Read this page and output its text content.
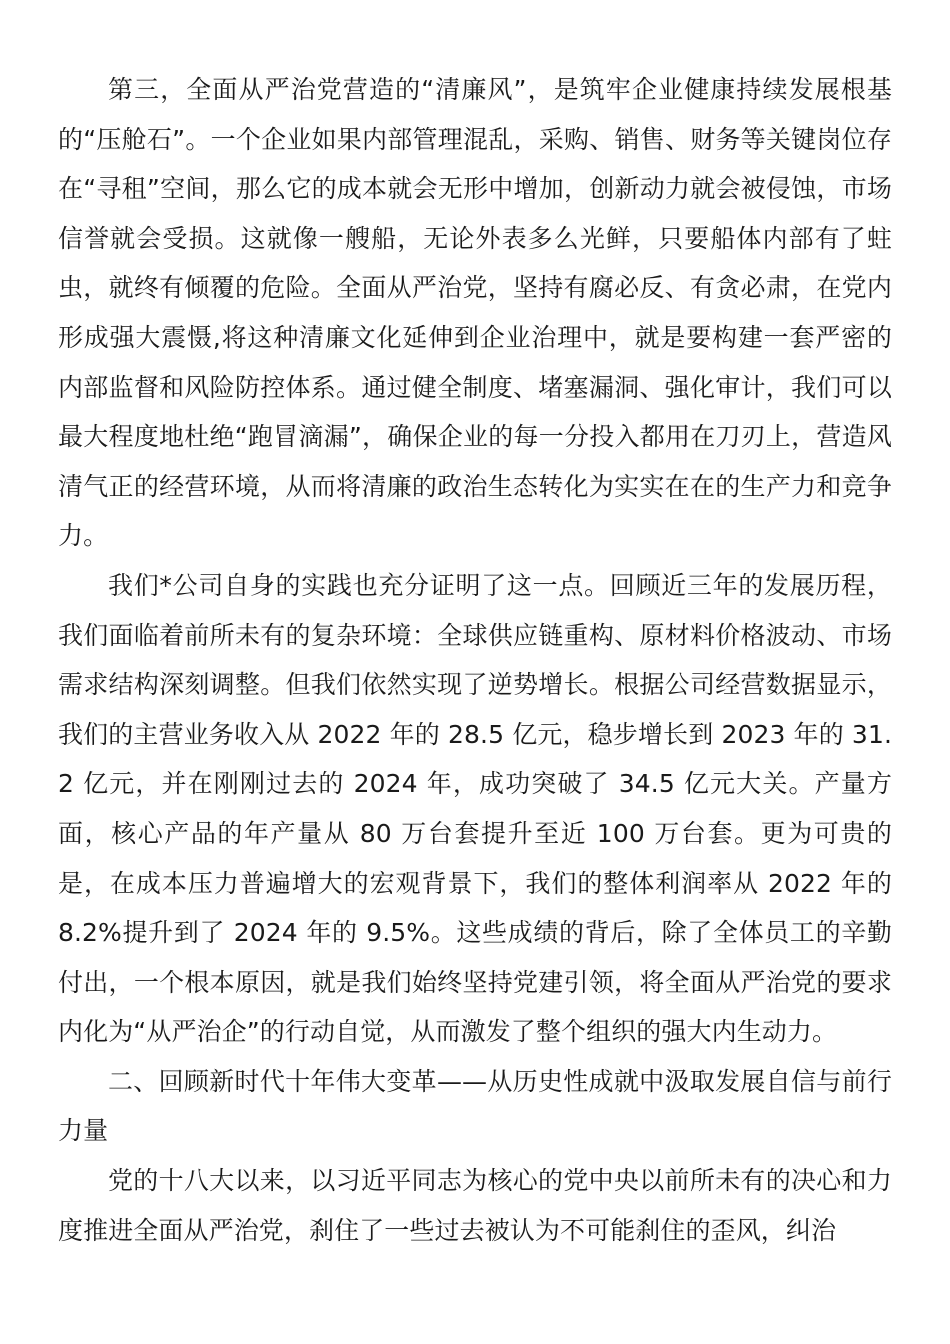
第三，全面从严治党营造的“清廉风”，是筑牢企业健康持续发展根基的“压舱石”。一个企业如果内部管理混乱，采购、销售、财务等关键岗位存在“寻租”空间，那么它的成本就会无形中增加，创新动力就会被侵蚀，市场信誉就会受损。这就像一艘船，无论外表多么光鲜，只要船体内部有了蛀虫，就终有倾覆的危险。全面从严治党，坚持有腐必反、有贪必肃，在党内形成强大震慑,将这种清廉文化延伸到企业治理中，就是要构建一套严密的内部监督和风险防控体系。通过健全制度、堵塞漏洞、强化审计，我们可以最大程度地杜绝“跑冒滴漏”，确保企业的每一分投入都用在刀刃上，营造风清气正的经营环境，从而将清廉的政治生态转化为实实在在的生产力和竞争力。

我们*公司自身的实践也充分证明了这一点。回顾近三年的发展历程，我们面临着前所未有的复杂环境：全球供应链重构、原材料价格波动、市场需求结构深刻调整。但我们依然实现了逆势增长。根据公司经营数据显示，我们的主营业务收入从 2022 年的 28.5 亿元，稳步增长到 2023 年的 31.2 亿元，并在刚刚过去的 2024 年，成功突破了 34.5 亿元大关。产量方面，核心产品的年产量从 80 万台套提升至近 100 万台套。更为可贵的是，在成本压力普遍增大的宏观背景下，我们的整体利润率从 2022 年的 8.2%提升到了 2024 年的 9.5%。这些成绩的背后，除了全体员工的辛勤付出，一个根本原因，就是我们始终坚持党建引领，将全面从严治党的要求内化为“从严治企”的行动自觉，从而激发了整个组织的强大内生动力。

二、回顾新时代十年伟大变革——从历史性成就中汲取发展自信与前行力量

党的十八大以来，以习近平同志为核心的党中央以前所未有的决心和力度推进全面从严治党，刹住了一些过去被认为不可能刹住的歪风，纠治
